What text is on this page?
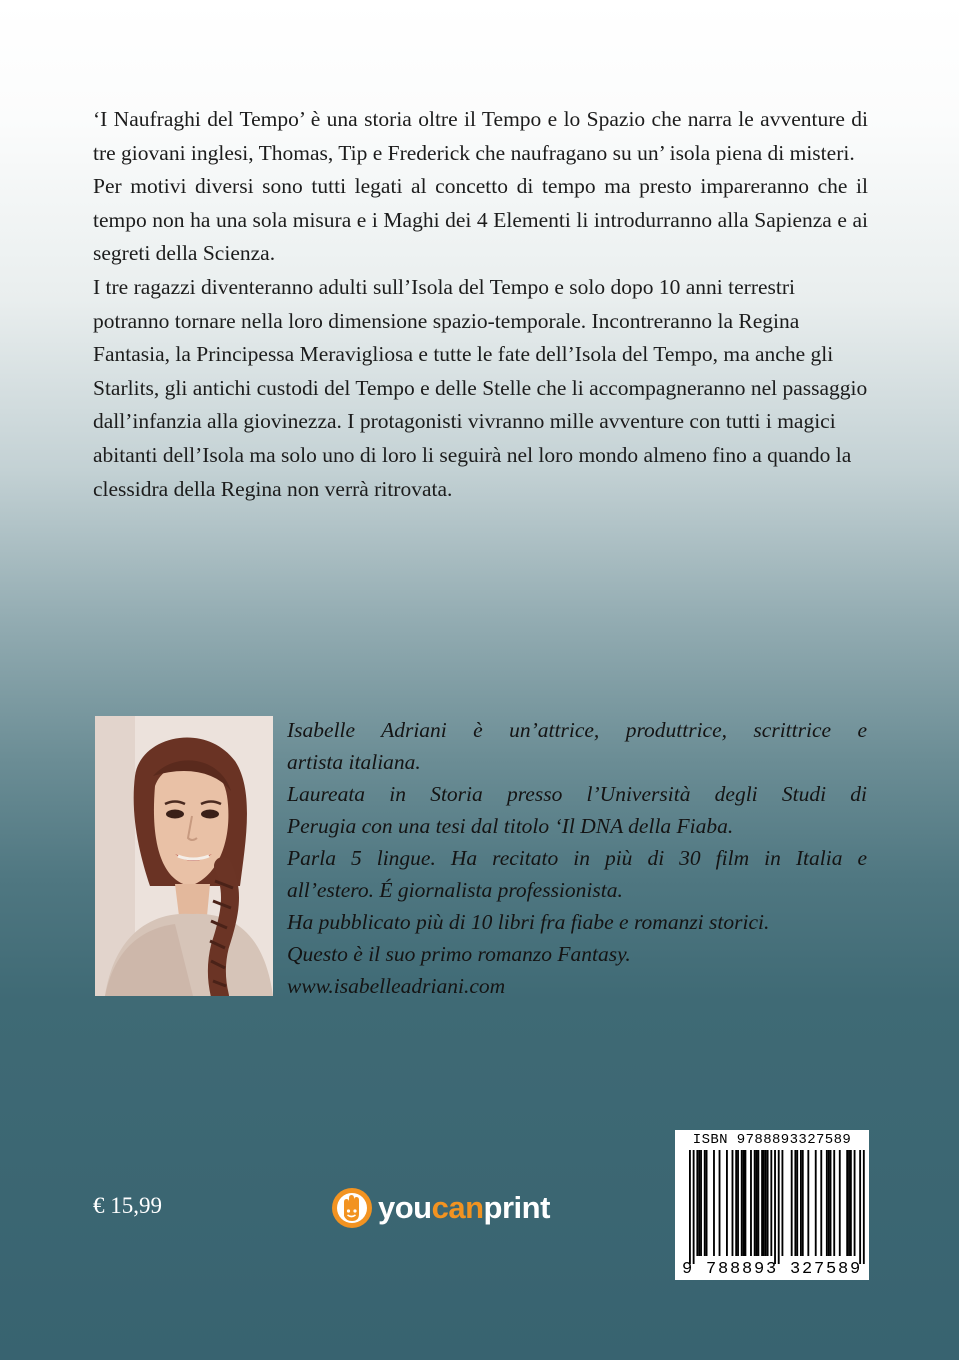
‘I Naufraghi del Tempo’ è una storia oltre il Tempo e lo Spazio che narra le avventure di tre giovani inglesi, Thomas, Tip e Frederick che naufragano su un’ isola piena di misteri.

Per motivi diversi sono tutti legati al concetto di tempo ma presto impareranno che il tempo non ha una sola misura e i Maghi dei 4 Elementi li introdurranno alla Sapienza e ai segreti della Scienza.

I tre ragazzi diventeranno adulti sull’Isola del Tempo e solo dopo 10 anni terrestri potranno tornare nella loro dimensione spazio-temporale. Incontreranno la Regina Fantasia, la Principessa Meravigliosa e tutte le fate dell’Isola del Tempo, ma anche gli Starlits, gli antichi custodi del Tempo e delle Stelle che li accompagneranno nel passaggio dall’infanzia alla giovinezza. I protagonisti vivranno mille avventure con tutti i magici abitanti dell’Isola ma solo uno di loro li seguirà nel loro mondo almeno fino a quando la clessidra della Regina non verrà ritrovata.

Isabelle Adriani è un’attrice, produttrice, scrittrice e

artista italiana.

Laureata in Storia presso l’Università degli Studi di

Perugia con una tesi dal titolo ‘Il DNA della Fiaba.

Parla 5 lingue. Ha recitato in più di 30 film in Italia e

all’estero. É giornalista professionista.

Ha pubblicato più di 10 libri fra fiabe e romanzi storici.

Questo è il suo primo romanzo Fantasy.

www.isabelleadriani.com

€ 15,99	youcanprint
ISBN 9788893327589
9 788893 327589
